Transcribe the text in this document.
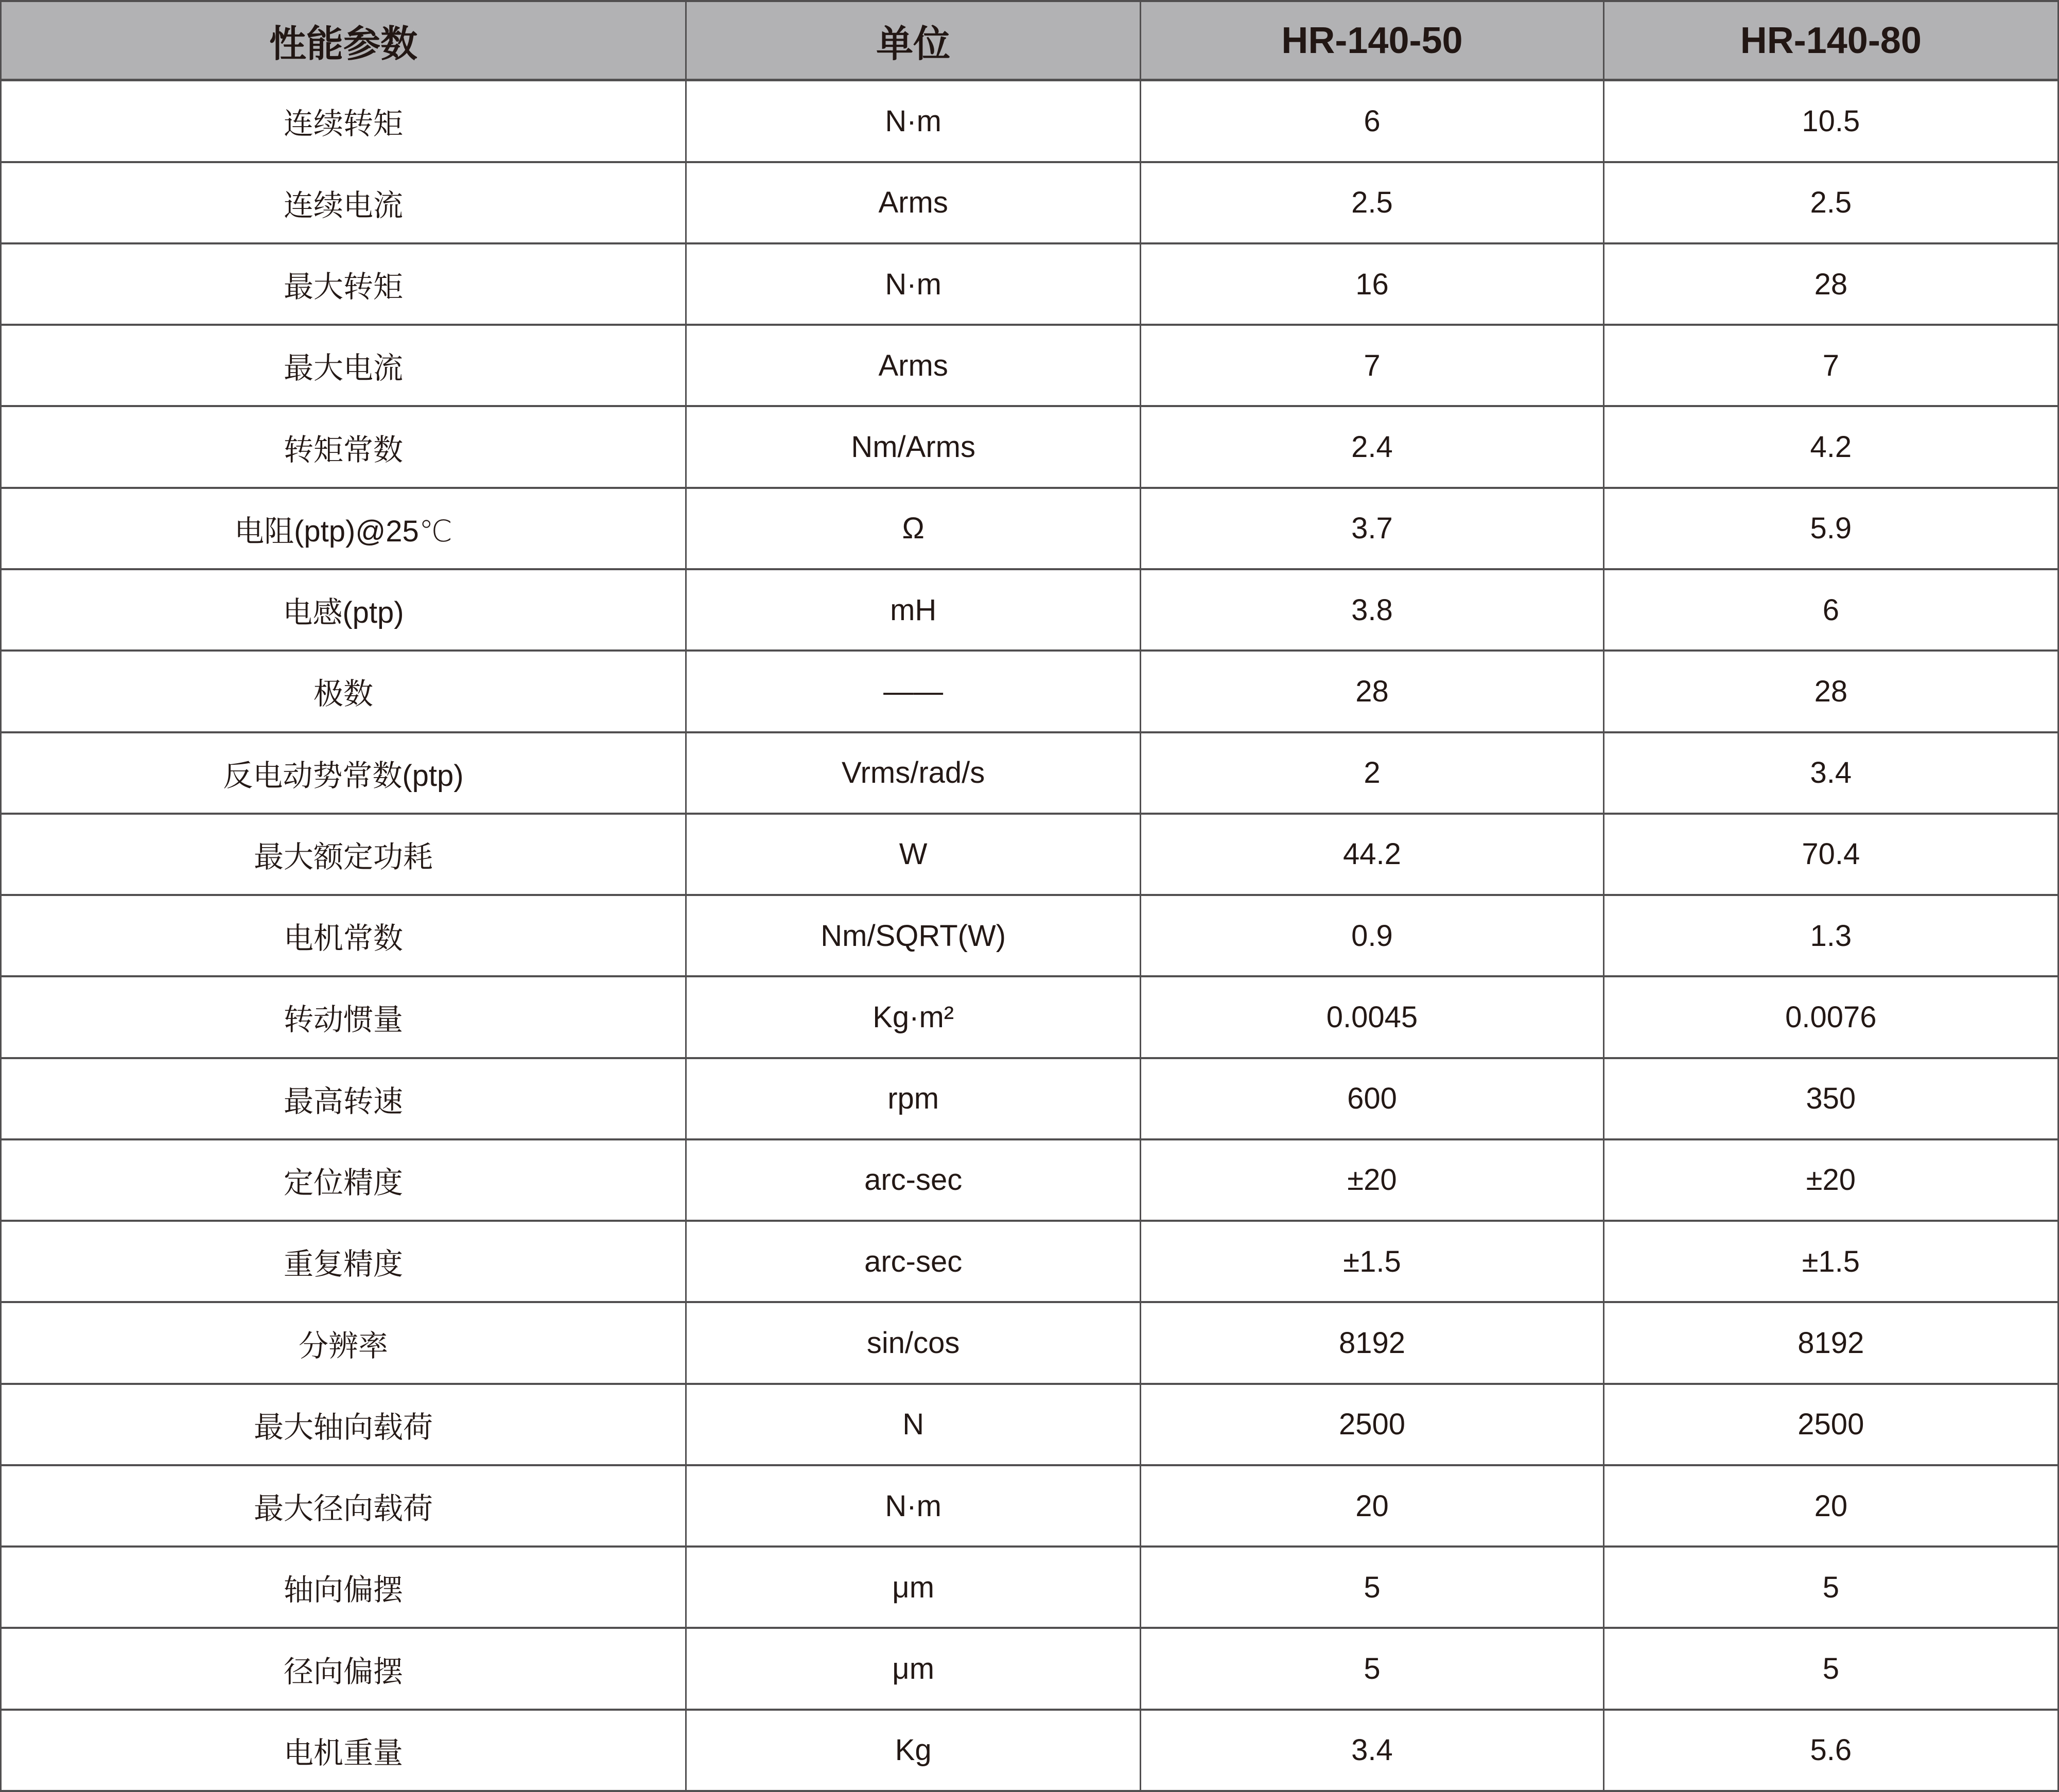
性能参数	单位	HR-140-50	HR-140-80
连续转矩	N·m	6	10.5
连续电流	Arms	2.5	2.5
最大转矩	N·m	16	28
最大电流	Arms	7	7
转矩常数	Nm/Arms	2.4	4.2
电阻(ptp)@25℃	Ω	3.7	5.9
电感(ptp)	mH	3.8	6
极数	——	28	28
反电动势常数(ptp)	Vrms/rad/s	2	3.4
最大额定功耗	W	44.2	70.4
电机常数	Nm/SQRT(W)	0.9	1.3
转动惯量	Kg·m²	0.0045	0.0076
最高转速	rpm	600	350
定位精度	arc-sec	±20	±20
重复精度	arc-sec	±1.5	±1.5
分辨率	sin/cos	8192	8192
最大轴向载荷	N	2500	2500
最大径向载荷	N·m	20	20
轴向偏摆	μm	5	5
径向偏摆	μm	5	5
电机重量	Kg	3.4	5.6
